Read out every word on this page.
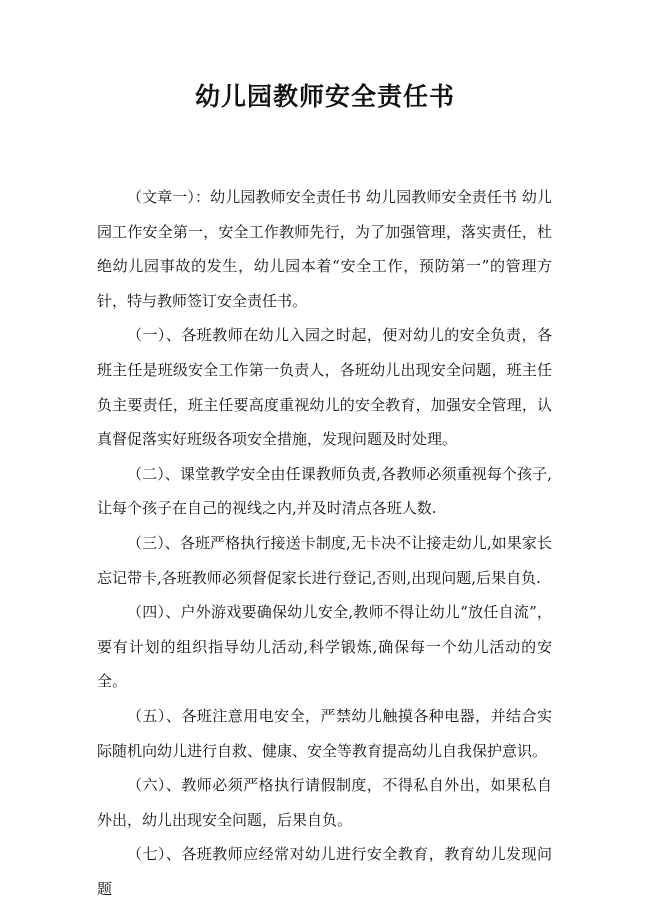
幼儿园教师安全责任书

（文章一）：幼儿园教师安全责任书 幼儿园教师安全责任书 幼儿园工作安全第一，安全工作教师先行，为了加强管理，落实责任，杜绝幼儿园事故的发生，幼儿园本着“安全工作，预防第一”的管理方针，特与教师签订安全责任书。

（一）、各班教师在幼儿入园之时起，便对幼儿的安全负责，各班主任是班级安全工作第一负责人，各班幼儿出现安全问题，班主任负主要责任，班主任要高度重视幼儿的安全教育，加强安全管理，认真督促落实好班级各项安全措施，发现问题及时处理。

（二）、课堂教学安全由任课教师负责,各教师必须重视每个孩子,让每个孩子在自己的视线之内,并及时清点各班人数.

（三）、各班严格执行接送卡制度,无卡决不让接走幼儿,如果家长忘记带卡,各班教师必须督促家长进行登记,否则,出现问题,后果自负.

（四）、户外游戏要确保幼儿安全,教师不得让幼儿“放任自流”，要有计划的组织指导幼儿活动,科学锻炼,确保每一个幼儿活动的安全。

（五）、各班注意用电安全，严禁幼儿触摸各种电器，并结合实际随机向幼儿进行自救、健康、安全等教育提高幼儿自我保护意识。

（六）、教师必须严格执行请假制度，不得私自外出，如果私自外出，幼儿出现安全问题，后果自负。

（七）、各班教师应经常对幼儿进行安全教育，教育幼儿发现问题
